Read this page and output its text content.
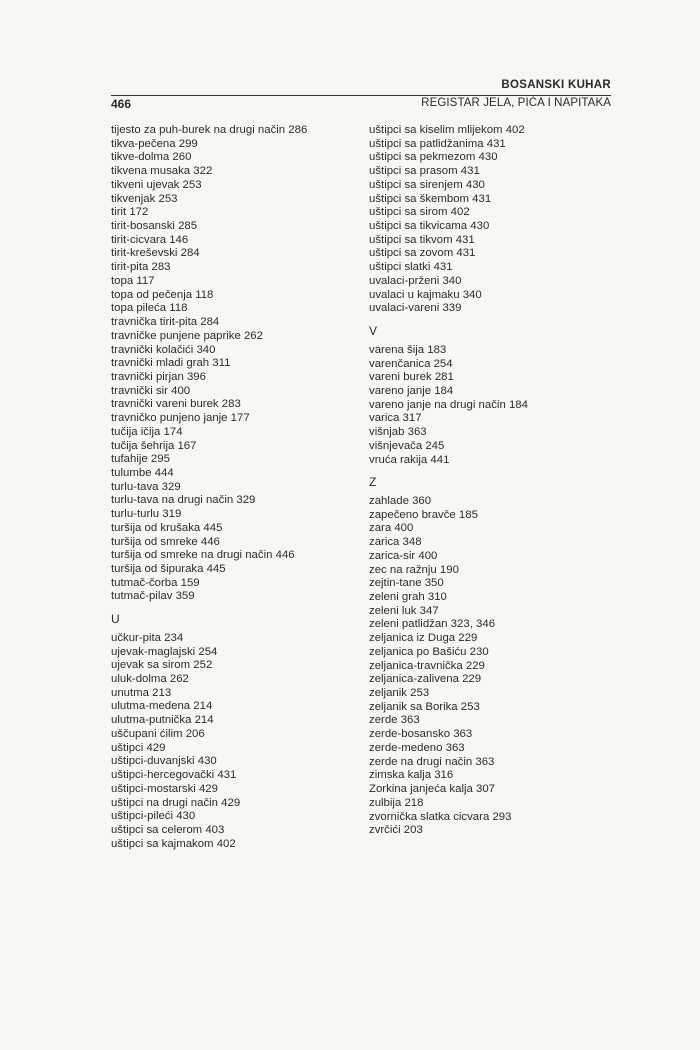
BOSANSKI KUHAR
466	REGISTAR JELA, PIĆA I NAPITAKA
tijesto za puh-burek na drugi način 286
tikva-pečena 299
tikve-dolma 260
tikvena musaka 322
tikveni ujevak 253
tikvenjak 253
tirit 172
tirit-bosanski 285
tirit-cicvara 146
tirit-kreševski 284
tirit-pita 283
topa 117
topa od pečenja 118
topa pileća 118
travnička tirit-pita 284
travničke punjene paprike 262
travnički kolačići 340
travnički mladi grah 311
travnički pirjan 396
travnički sir 400
travnički vareni burek 283
travničko punjeno janje 177
tučija ičija 174
tučija šehrija 167
tufahije 295
tulumbe 444
turlu-tava 329
turlu-tava na drugi način 329
turlu-turlu 319
turšija od krušaka 445
turšija od smreke 446
turšija od smreke na drugi način 446
turšija od šipuraka 445
tutmač-čorba 159
tutmač-pilav 359
U
učkur-pita 234
ujevak-maglajski 254
ujevak sa sirom 252
uluk-dolma 262
unutma 213
ulutma-medena 214
ulutma-putnička 214
uščupani ćilim 206
uštipci 429
uštipci-duvanjski 430
uštipci-hercegovački 431
uštipci-mostarski 429
uštipci na drugi način 429
uštipci-pileći 430
uštipci sa celerom 403
uštipci sa kajmakom 402
uštipci sa kiselim mlijekom 402
uštipci sa patlidžanima 431
uštipci sa pekmezom 430
uštipci sa prasom 431
uštipci sa sirenjem 430
uštipci sa škembom 431
uštipci sa sirom 402
uštipci sa tikvicama 430
uštipci sa tikvom 431
uštipci sa zovom 431
uštipci slatki 431
uvalaci-prženi 340
uvalaci u kajmaku 340
uvalaci-vareni 339
V
varena šija 183
varenčanica 254
vareni burek 281
vareno janje 184
vareno janje na drugi način 184
varica 317
višnjab 363
višnjevača 245
vruća rakija 441
Z
zahlade 360
zapečeno bravče 185
zara 400
zarica 348
zarica-sir 400
zec na ražnju 190
zejtin-tane 350
zeleni grah 310
zeleni luk 347
zeleni patlidžan 323, 346
zeljanica iz Duga 229
zeljanica po Bašiću 230
zeljanica-travnička 229
zeljanica-zalivena 229
zeljanik 253
zeljanik sa Borika 253
zerde 363
zerde-bosansko 363
zerde-medeno 363
zerde na drugi način 363
zimska kalja 316
Zorkina janjeća kalja 307
zulbija 218
zvornička slatka cicvara 293
zvrčići 203
